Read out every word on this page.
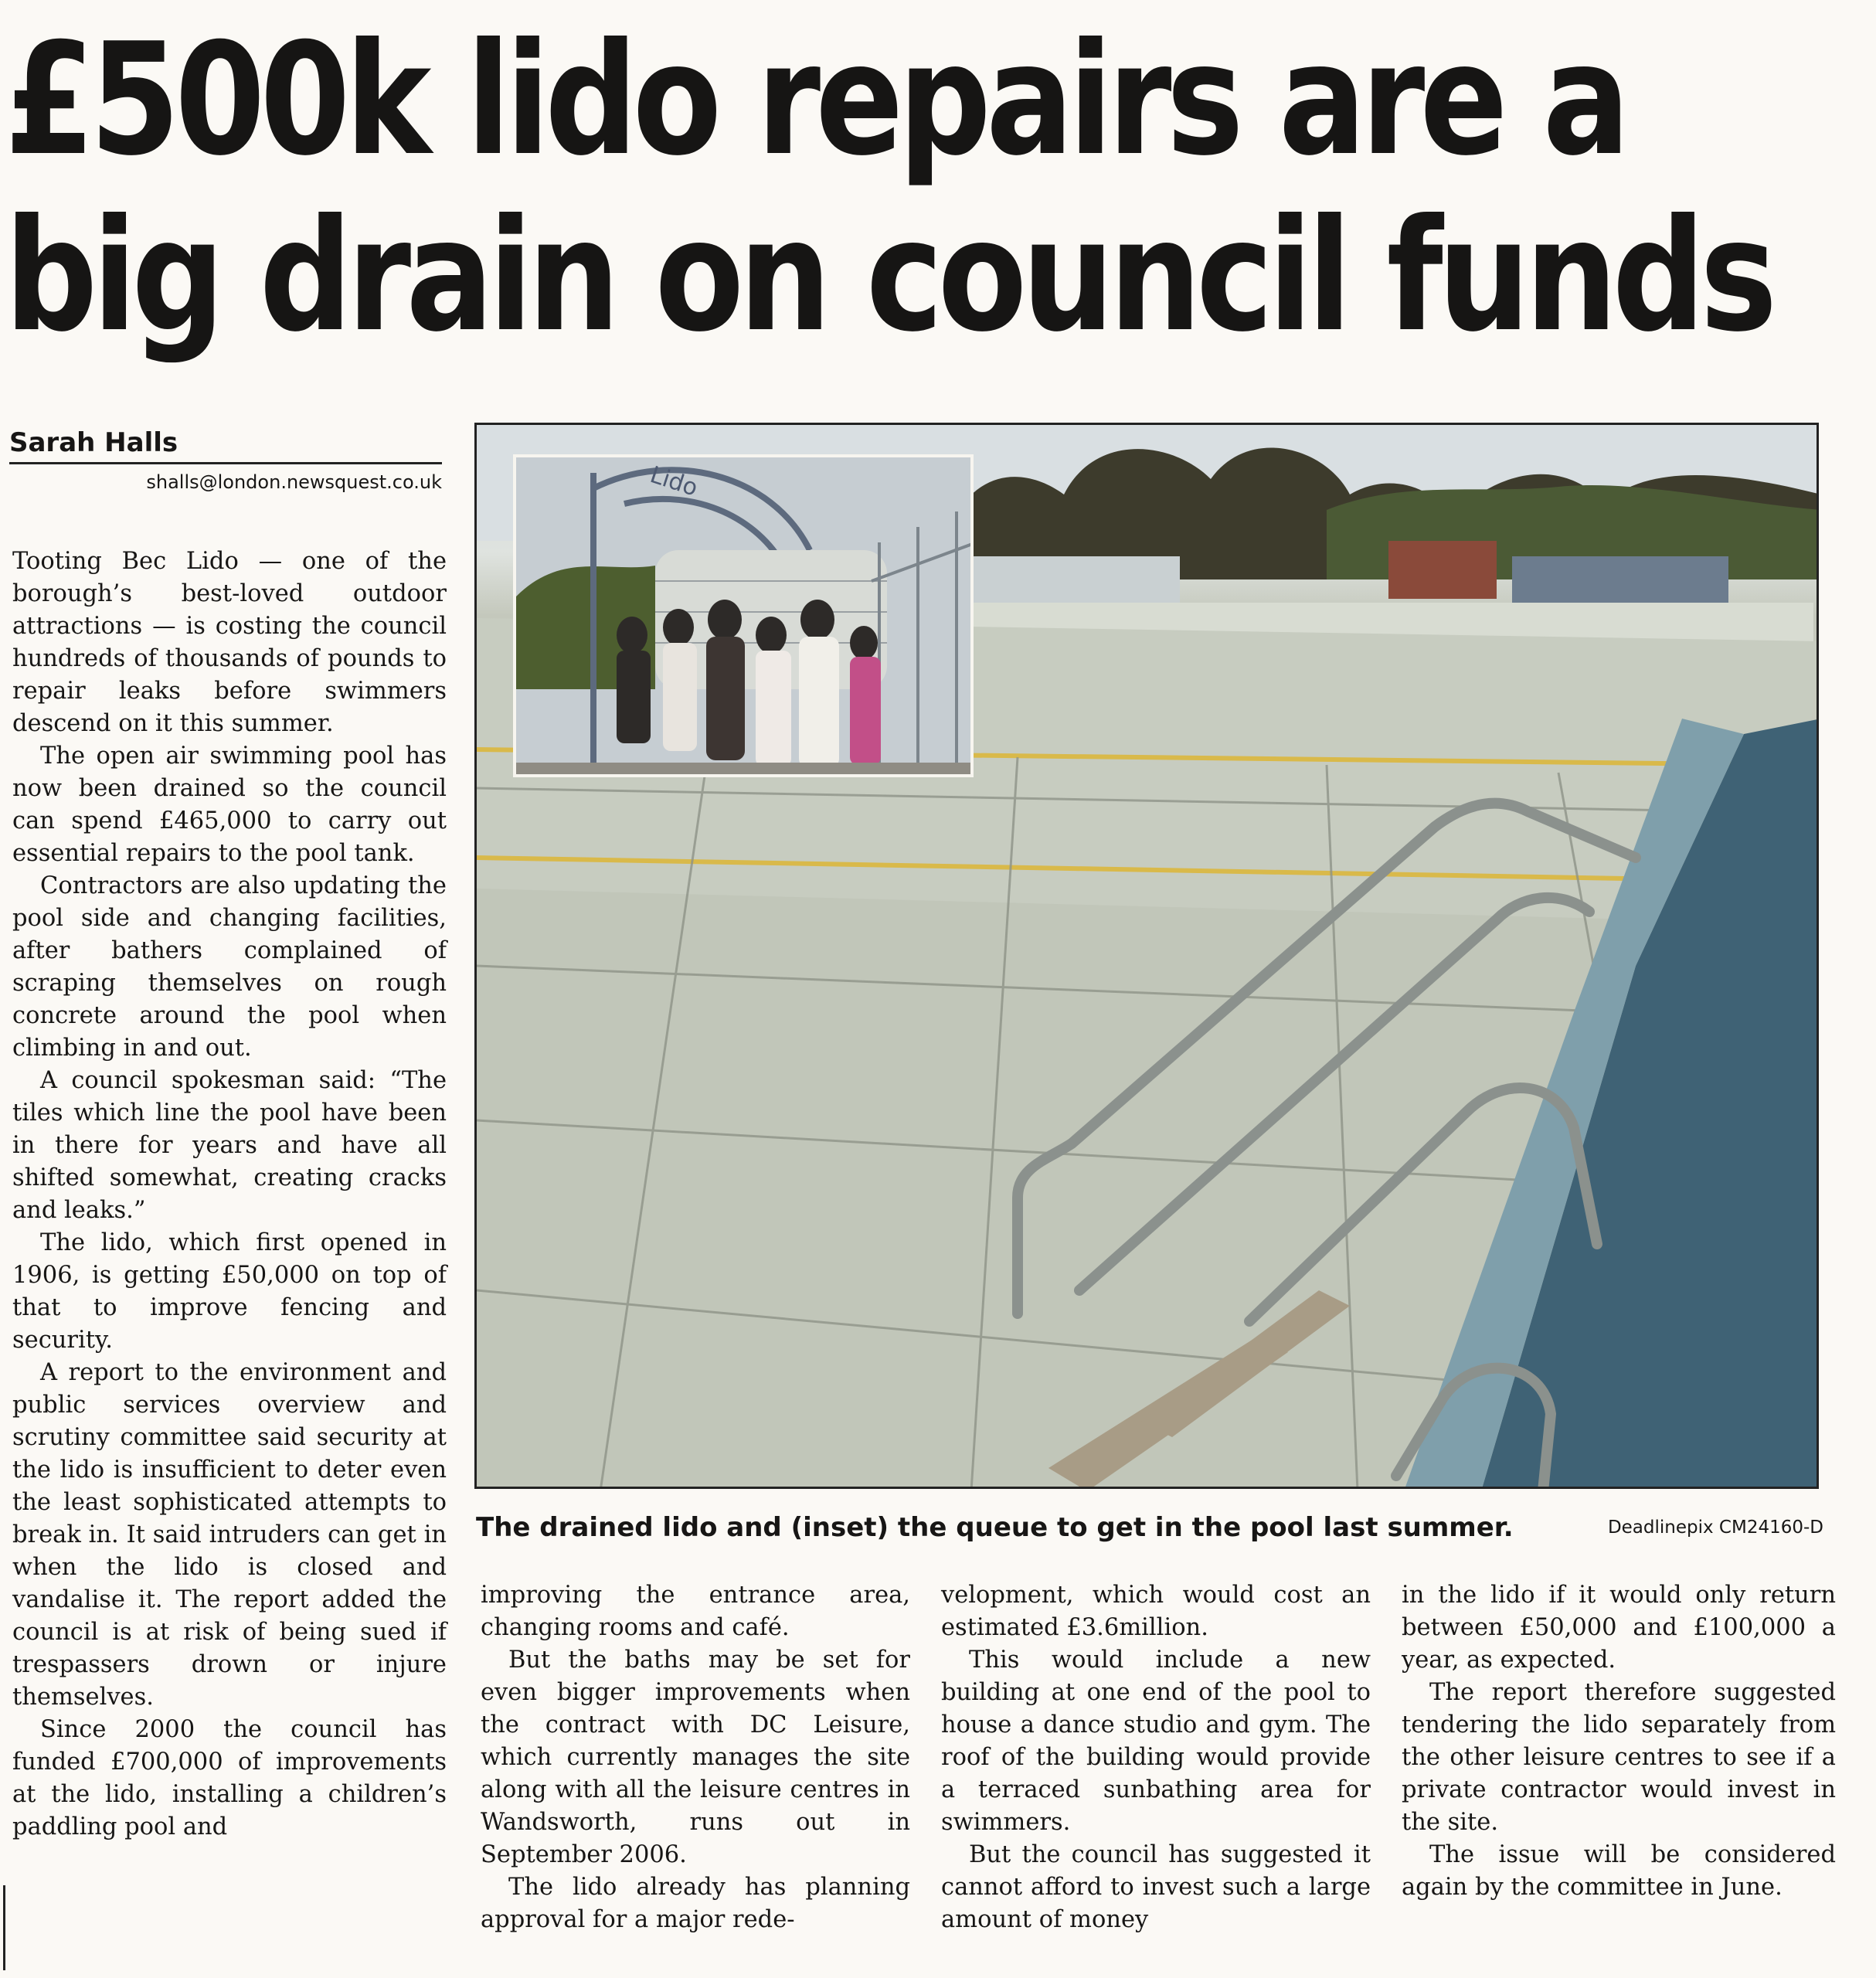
£500k lido repairs are a
big drain on council funds
Sarah Halls
shalls@london.newsquest.co.uk

Tooting Bec Lido — one of the borough’s best-loved outdoor attractions — is costing the council hundreds of thousands of pounds to repair leaks before swimmers descend on it this summer.

The open air swimming pool has now been drained so the council can spend £465,000 to carry out essential repairs to the pool tank.

Contractors are also updating the pool side and changing facilities, after bathers complained of scraping themselves on rough concrete around the pool when climbing in and out.

A council spokesman said: “The tiles which line the pool have been in there for years and have all shifted somewhat, creating cracks and leaks.”

The lido, which first opened in 1906, is getting £50,000 on top of that to improve fencing and security.

A report to the environment and public services overview and scrutiny committee said security at the lido is insufficient to deter even the least sophisticated attempts to break in. It said intruders can get in when the lido is closed and vandalise it. The report added the council is at risk of being sued if trespassers drown or injure themselves.

Since 2000 the council has funded £700,000 of improvements at the lido, installing a children’s paddling pool and

Lido
The drained lido and (inset) the queue to get in the pool last summer.	Deadlinepix CM24160-D

improving the entrance area, changing rooms and café.

But the baths may be set for even bigger improvements when the contract with DC Leisure, which currently manages the site along with all the leisure centres in Wandsworth, runs out in September 2006.

The lido already has planning approval for a major rede-

velopment, which would cost an estimated £3.6million.

This would include a new building at one end of the pool to house a dance studio and gym. The roof of the building would provide a terraced sunbathing area for swimmers.

But the council has suggested it cannot afford to invest such a large amount of money

in the lido if it would only return between £50,000 and £100,000 a year, as expected.

The report therefore suggested tendering the lido separately from the other leisure centres to see if a private contractor would invest in the site.

The issue will be considered again by the committee in June.
